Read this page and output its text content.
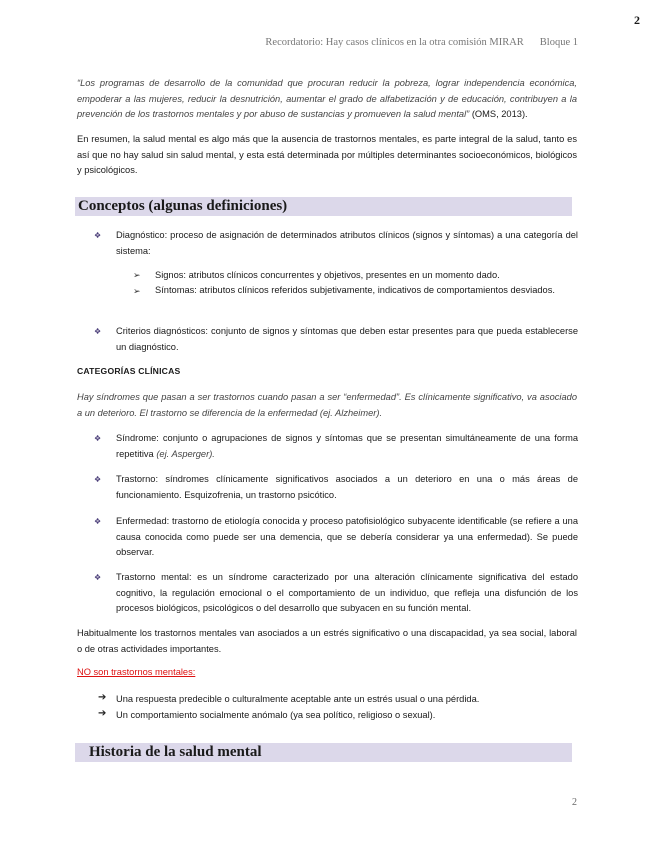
2
Recordatorio: Hay casos clínicos en la otra comisión MIRAR Bloque 1
“Los programas de desarrollo de la comunidad que procuran reducir la pobreza, lograr independencia económica, empoderar a las mujeres, reducir la desnutrición, aumentar el grado de alfabetización y de educación, contribuyen a la prevención de los trastornos mentales y por abuso de sustancias y promueven la salud mental” (OMS, 2013).
En resumen, la salud mental es algo más que la ausencia de trastornos mentales, es parte integral de la salud, tanto es así que no hay salud sin salud mental, y esta está determinada por múltiples determinantes socioeconómicos, biológicos y psicológicos.
Conceptos (algunas definiciones)
❖ Diagnóstico: proceso de asignación de determinados atributos clínicos (signos y síntomas) a una categoría del sistema:
➢ Signos: atributos clínicos concurrentes y objetivos, presentes en un momento dado.
➢ Síntomas: atributos clínicos referidos subjetivamente, indicativos de comportamientos desviados.
❖ Criterios diagnósticos: conjunto de signos y síntomas que deben estar presentes para que pueda establecerse un diagnóstico.
CATEGORÍAS CLÍNICAS
Hay síndromes que pasan a ser trastornos cuando pasan a ser “enfermedad”. Es clínicamente significativo, va asociado a un deterioro. El trastorno se diferencia de la enfermedad (ej. Alzheimer).
❖ Síndrome: conjunto o agrupaciones de signos y síntomas que se presentan simultáneamente de una forma repetitiva (ej. Asperger).
❖ Trastorno: síndromes clínicamente significativos asociados a un deterioro en una o más áreas de funcionamiento. Esquizofrenia, un trastorno psicótico.
❖ Enfermedad: trastorno de etiología conocida y proceso patofisiológico subyacente identificable (se refiere a una causa conocida como puede ser una demencia, que se debería considerar ya una enfermedad). Se puede observar.
❖ Trastorno mental: es un síndrome caracterizado por una alteración clínicamente significativa del estado cognitivo, la regulación emocional o el comportamiento de un individuo, que refleja una disfunción de los procesos biológicos, psicológicos o del desarrollo que subyacen en su función mental.
Habitualmente los trastornos mentales van asociados a un estrés significativo o una discapacidad, ya sea social, laboral o de otras actividades importantes.
NO son trastornos mentales:
➔ Una respuesta predecible o culturalmente aceptable ante un estrés usual o una pérdida.
➔ Un comportamiento socialmente anómalo (ya sea político, religioso o sexual).
Historia de la salud mental
2
